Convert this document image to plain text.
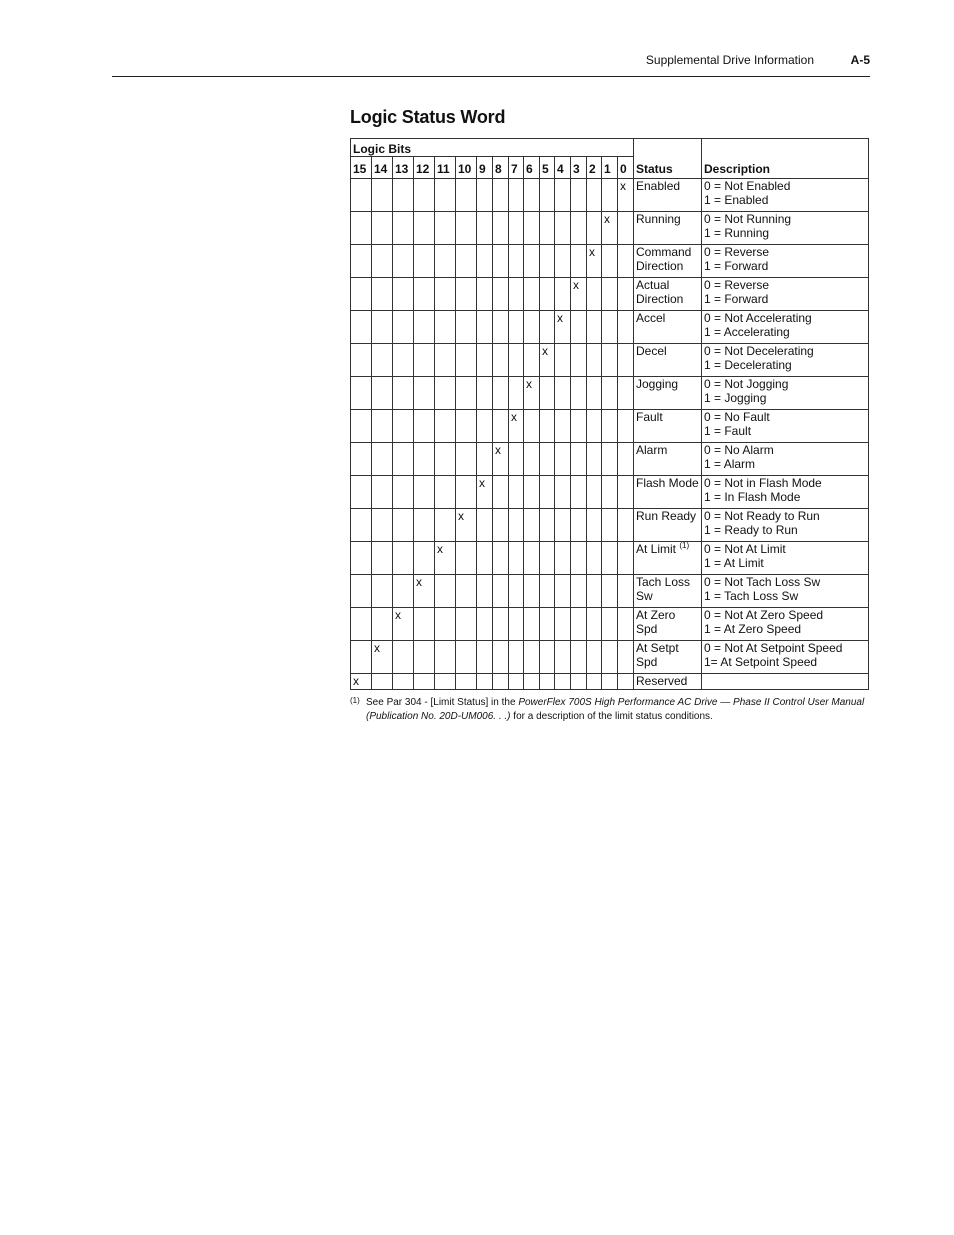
Supplemental Drive Information	A-5
Logic Status Word
Logic Bits																	
15	14	13	12	11	10	9	8	7	6	5	4	3	2	1	0	Status	Description
															x	Enabled	0 = Not Enabled
1 = Enabled

														x		Running	0 = Not Running
1 = Running

													x			Command Direction	0 = Reverse
1 = Forward

												x				Actual Direction	0 = Reverse
1 = Forward

											x					Accel	0 = Not Accelerating
1 = Accelerating

										x						Decel	0 = Not Decelerating
1 = Decelerating

									x							Jogging	0 = Not Jogging
1 = Jogging

								x								Fault	0 = No Fault
1 = Fault

							x									Alarm	0 = No Alarm
1 = Alarm

						x										Flash Mode	0 = Not in Flash Mode
1 = In Flash Mode

					x											Run Ready	0 = Not Ready to Run
1 = Ready to Run

				x												At Limit $^{(1)}$	0 = Not At Limit
1 = At Limit

			x													Tach Loss Sw	0 = Not Tach Loss Sw
1 = Tach Loss Sw

		x														At Zero Spd	0 = Not At Zero Speed
1 = At Zero Speed

	x															At Setpt Spd	0 = Not At Setpoint Speed
1= At Setpoint Speed

x																Reserved	
(1) See Par 304 - [Limit Status] in the PowerFlex 700S High Performance AC Drive — Phase II Control User Manual (Publication No. 20D-UM006. . .) for a description of the limit status conditions.
